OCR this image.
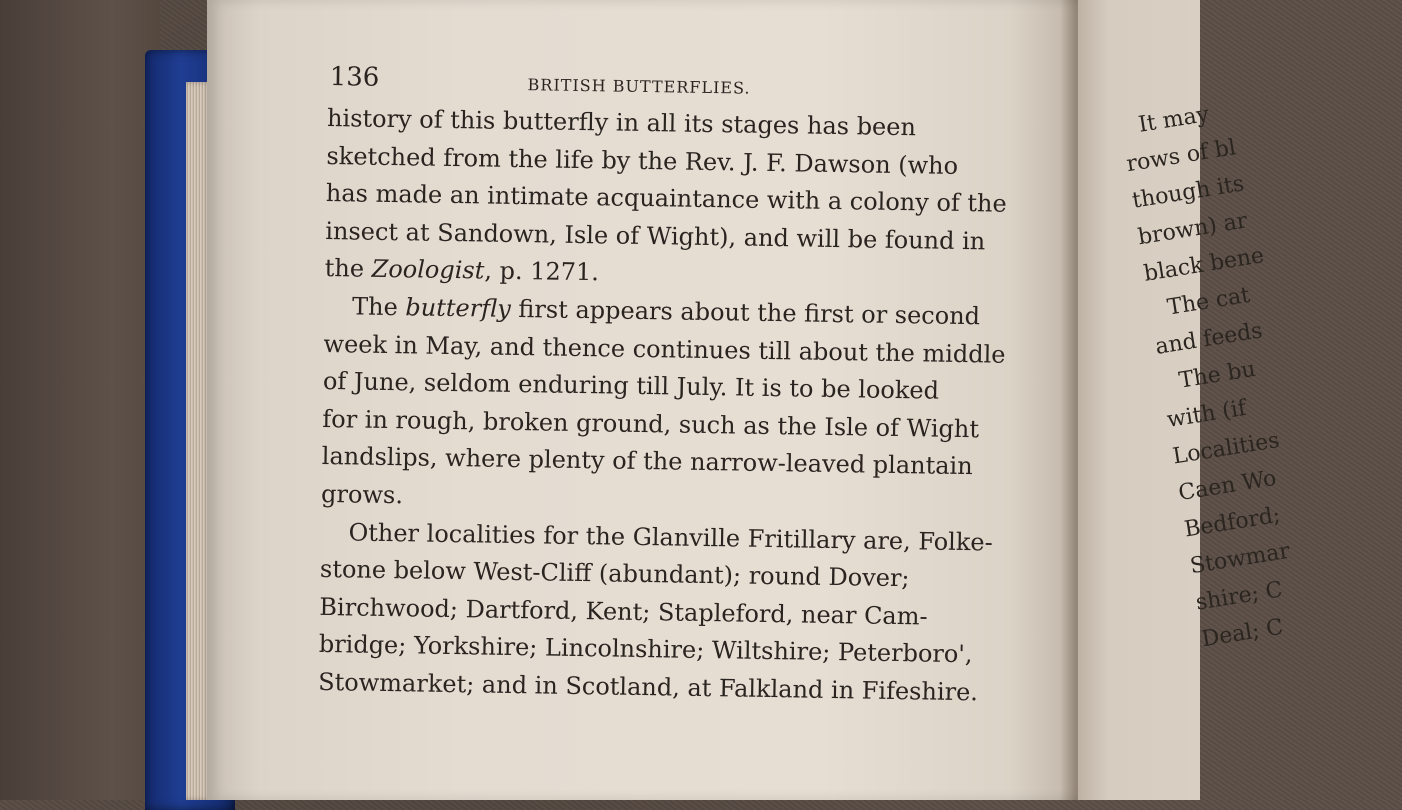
136	BRITISH BUTTERFLIES.

history of this butterfly in all its stages has been
sketched from the life by the Rev. J. F. Dawson (who
has made an intimate acquaintance with a colony of the
insect at Sandown, Isle of Wight), and will be found in
the Zoologist, p. 1271.

The butterfly first appears about the first or second
week in May, and thence continues till about the middle
of June, seldom enduring till July. It is to be looked
for in rough, broken ground, such as the Isle of Wight
landslips, where plenty of the narrow-leaved plantain
grows.

Other localities for the Glanville Fritillary are, Folke-
stone below West-Cliff (abundant); round Dover;
Birchwood; Dartford, Kent; Stapleford, near Cam-
bridge; Yorkshire; Lincolnshire; Wiltshire; Peterboro',
Stowmarket; and in Scotland, at Falkland in Fifeshire.

It may
rows of bl
though its
brown) ar
black bene
The cat
and feeds
The bu
with (if
Localities
Caen Wo
Bedford;
Stowmar
shire; C
Deal; C
